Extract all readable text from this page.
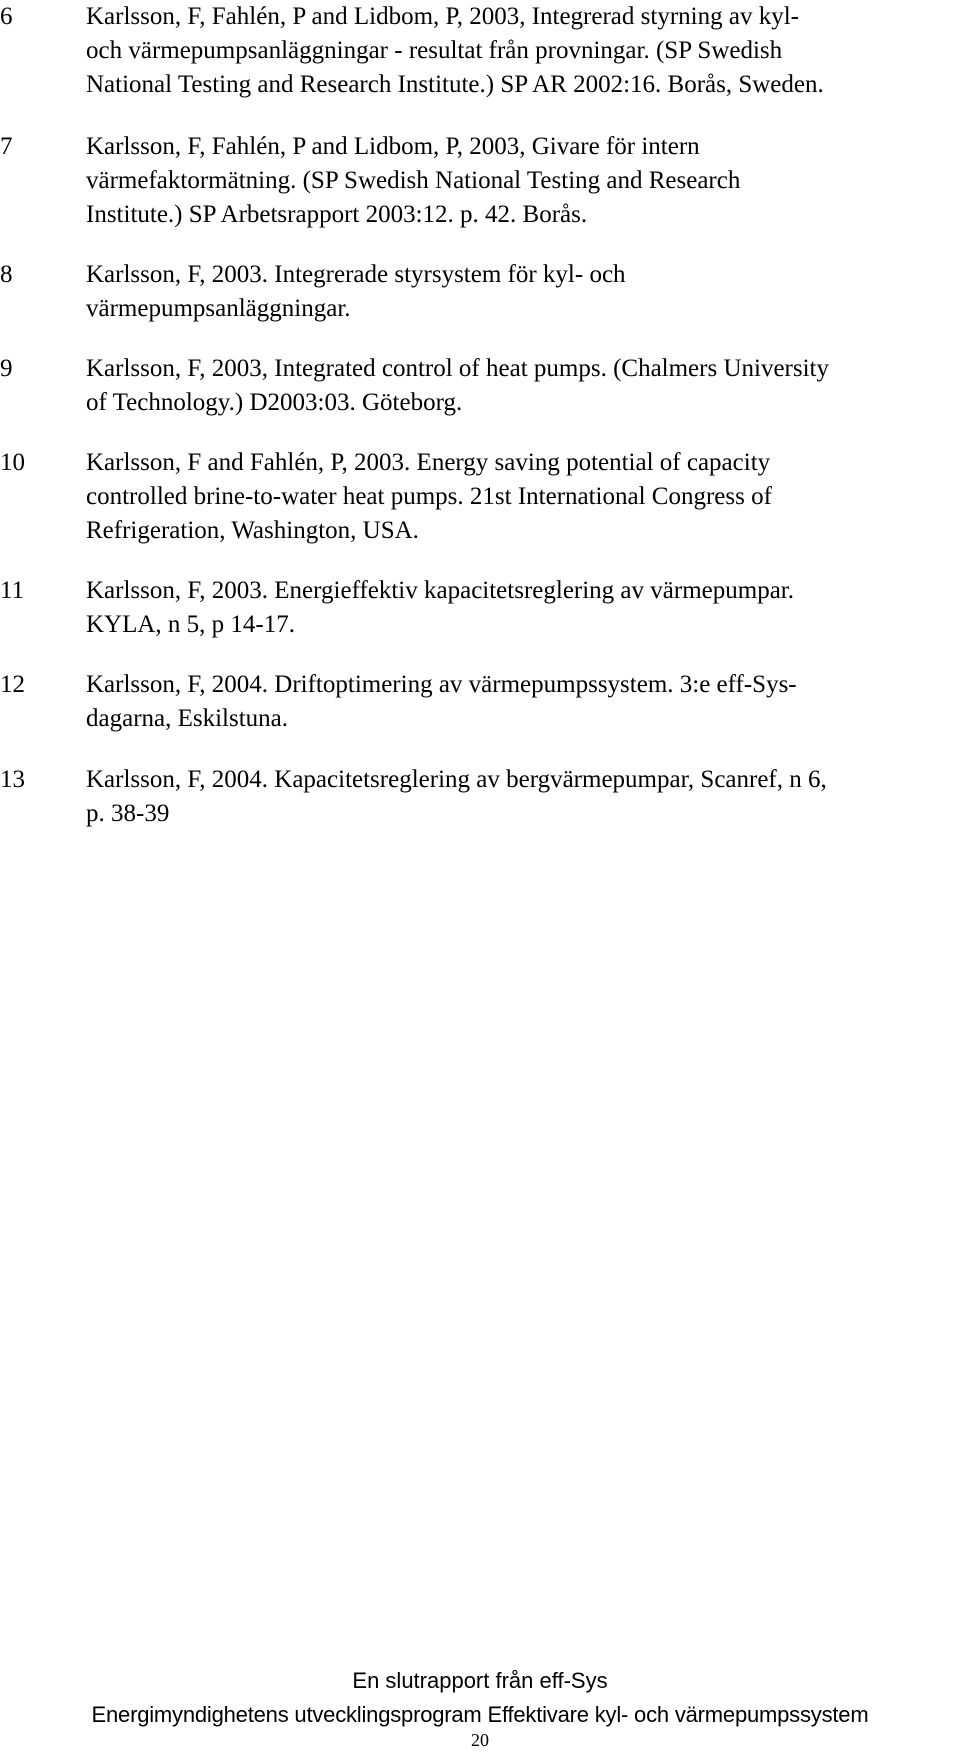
6	Karlsson, F, Fahlén, P and Lidbom, P, 2003, Integrerad styrning av kyl-
och värmepumpsanläggningar - resultat från provningar. (SP Swedish
National Testing and Research Institute.) SP AR 2002:16. Borås, Sweden.
7	Karlsson, F, Fahlén, P and Lidbom, P, 2003, Givare för intern
värmefaktormätning. (SP Swedish National Testing and Research
Institute.) SP Arbetsrapport 2003:12. p. 42. Borås.
8	Karlsson, F, 2003. Integrerade styrsystem för kyl- och
värmepumpsanläggningar.
9	Karlsson, F, 2003, Integrated control of heat pumps. (Chalmers University
of Technology.) D2003:03. Göteborg.
10 Karlsson, F and Fahlén, P, 2003. Energy saving potential of capacity
controlled brine-to-water heat pumps. 21st International Congress of
Refrigeration, Washington, USA.
11 Karlsson, F, 2003. Energieffektiv kapacitetsreglering av värmepumpar.
KYLA, n 5, p 14-17.
12 Karlsson, F, 2004. Driftoptimering av värmepumpssystem. 3:e eff-Sys-
dagarna, Eskilstuna.
13 Karlsson, F, 2004. Kapacitetsreglering av bergvärmepumpar, Scanref, n 6,
p. 38-39
En slutrapport från eff-Sys
Energimyndighetens utvecklingsprogram Effektivare kyl- och värmepumpssystem
20
